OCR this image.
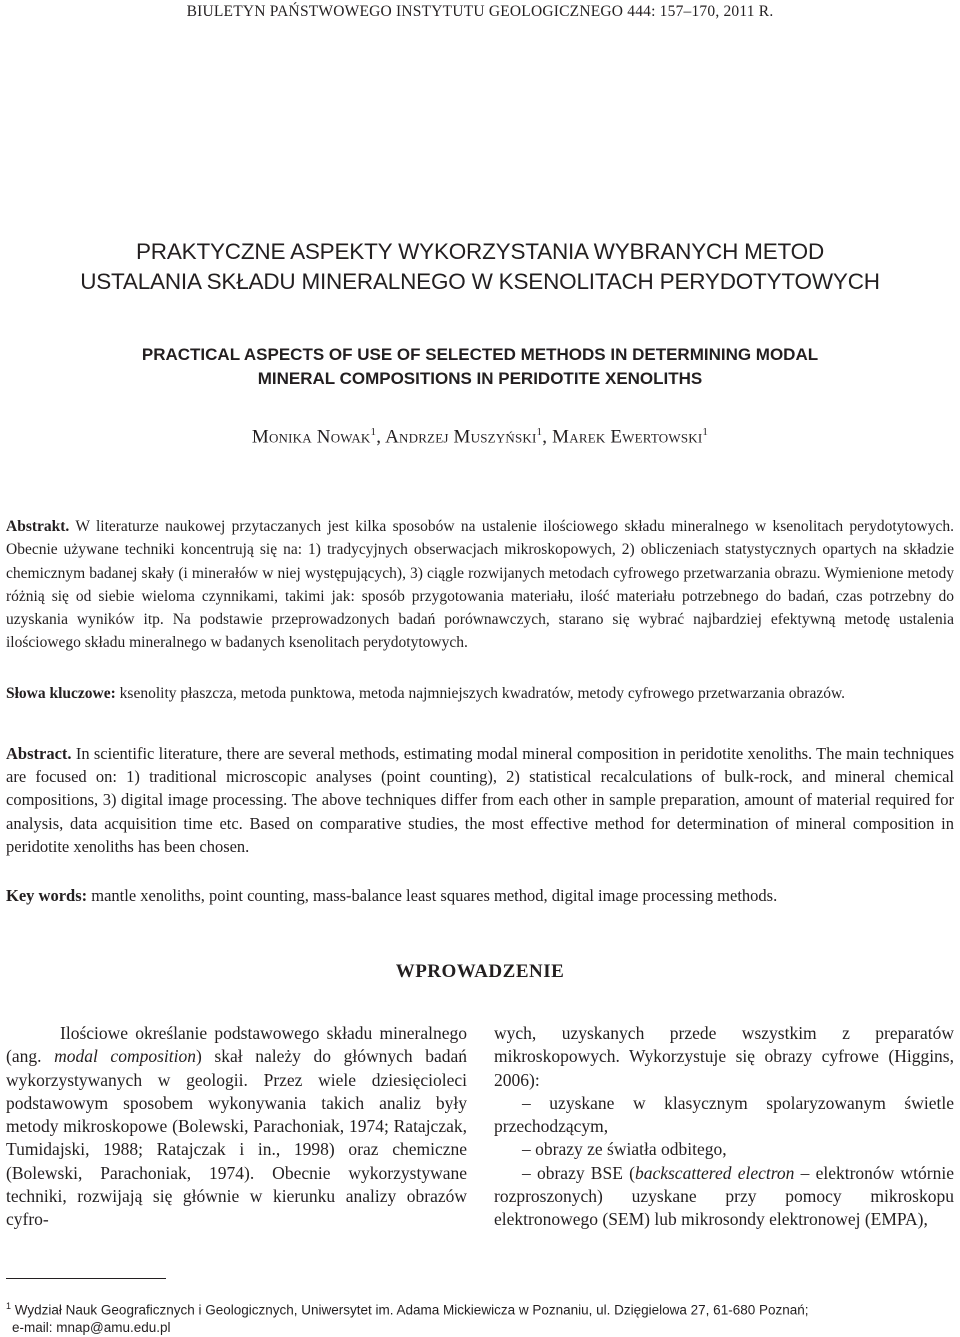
BIULETYN PAŃSTWOWEGO INSTYTUTU GEOLOGICZNEGO 444: 157–170, 2011 R.
PRAKTYCZNE ASPEKTY WYKORZYSTANIA WYBRANYCH METOD
USTALANIA SKŁADU MINERALNEGO W KSENOLITACH PERYDOTYTOWYCH
PRACTICAL ASPECTS OF USE OF SELECTED METHODS IN DETERMINING MODAL
MINERAL COMPOSITIONS IN PERIDOTITE XENOLITHS
Monika Nowak$^1$, Andrzej Muszyński$^1$, Marek Ewertowski$^1$
Abstrakt. W literaturze naukowej przytaczanych jest kilka sposobów na ustalenie ilościowego składu mineralnego w ksenolitach perydotytowych. Obecnie używane techniki koncentrują się na: 1) tradycyjnych obserwacjach mikroskopowych, 2) obliczeniach statystycznych opartych na składzie chemicznym badanej skały (i minerałów w niej występujących), 3) ciągle rozwijanych metodach cyfrowego przetwarzania obrazu. Wymienione metody różnią się od siebie wieloma czynnikami, takimi jak: sposób przygotowania materiału, ilość materiału potrzebnego do badań, czas potrzebny do uzyskania wyników itp. Na podstawie przeprowadzonych badań porównawczych, starano się wybrać najbardziej efektywną metodę ustalenia ilościowego składu mineralnego w badanych ksenolitach perydotytowych.
Słowa kluczowe: ksenolity płaszcza, metoda punktowa, metoda najmniejszych kwadratów, metody cyfrowego przetwarzania obrazów.
Abstract. In scientific literature, there are several methods, estimating modal mineral composition in peridotite xenoliths. The main techniques are focused on: 1) traditional microscopic analyses (point counting), 2) statistical recalculations of bulk-rock, and mineral chemical compositions, 3) digital image processing. The above techniques differ from each other in sample preparation, amount of material required for analysis, data acquisition time etc. Based on comparative studies, the most effective method for determination of mineral composition in peridotite xenoliths has been chosen.
Key words: mantle xenoliths, point counting, mass-balance least squares method, digital image processing methods.
WPROWADZENIE

Ilościowe określanie podstawowego składu mineralnego (ang. modal composition) skał należy do głównych badań wykorzystywanych w geologii. Przez wiele dziesięcioleci podstawowym sposobem wykonywania takich analiz były metody mikroskopowe (Bolewski, Parachoniak, 1974; Ratajczak, Tumidajski, 1988; Ratajczak i in., 1998) oraz chemiczne (Bolewski, Parachoniak, 1974). Obecnie wykorzystywane techniki, rozwijają się głównie w kierunku analizy obrazów cyfro-

wych, uzyskanych przede wszystkim z preparatów mikroskopowych. Wykorzystuje się obrazy cyfrowe (Higgins, 2006):

– uzyskane w klasycznym spolaryzowanym świetle przechodzącym,

– obrazy ze światła odbitego,

– obrazy BSE (backscattered electron – elektronów wtórnie rozproszonych) uzyskane przy pomocy mikroskopu elektronowego (SEM) lub mikrosondy elektronowej (EMPA),

$^1$ Wydział Nauk Geograficznych i Geologicznych, Uniwersytet im. Adama Mickiewicza w Poznaniu, ul. Dzięgielowa 27, 61-680 Poznań;
e-mail: mnap@amu.edu.pl
